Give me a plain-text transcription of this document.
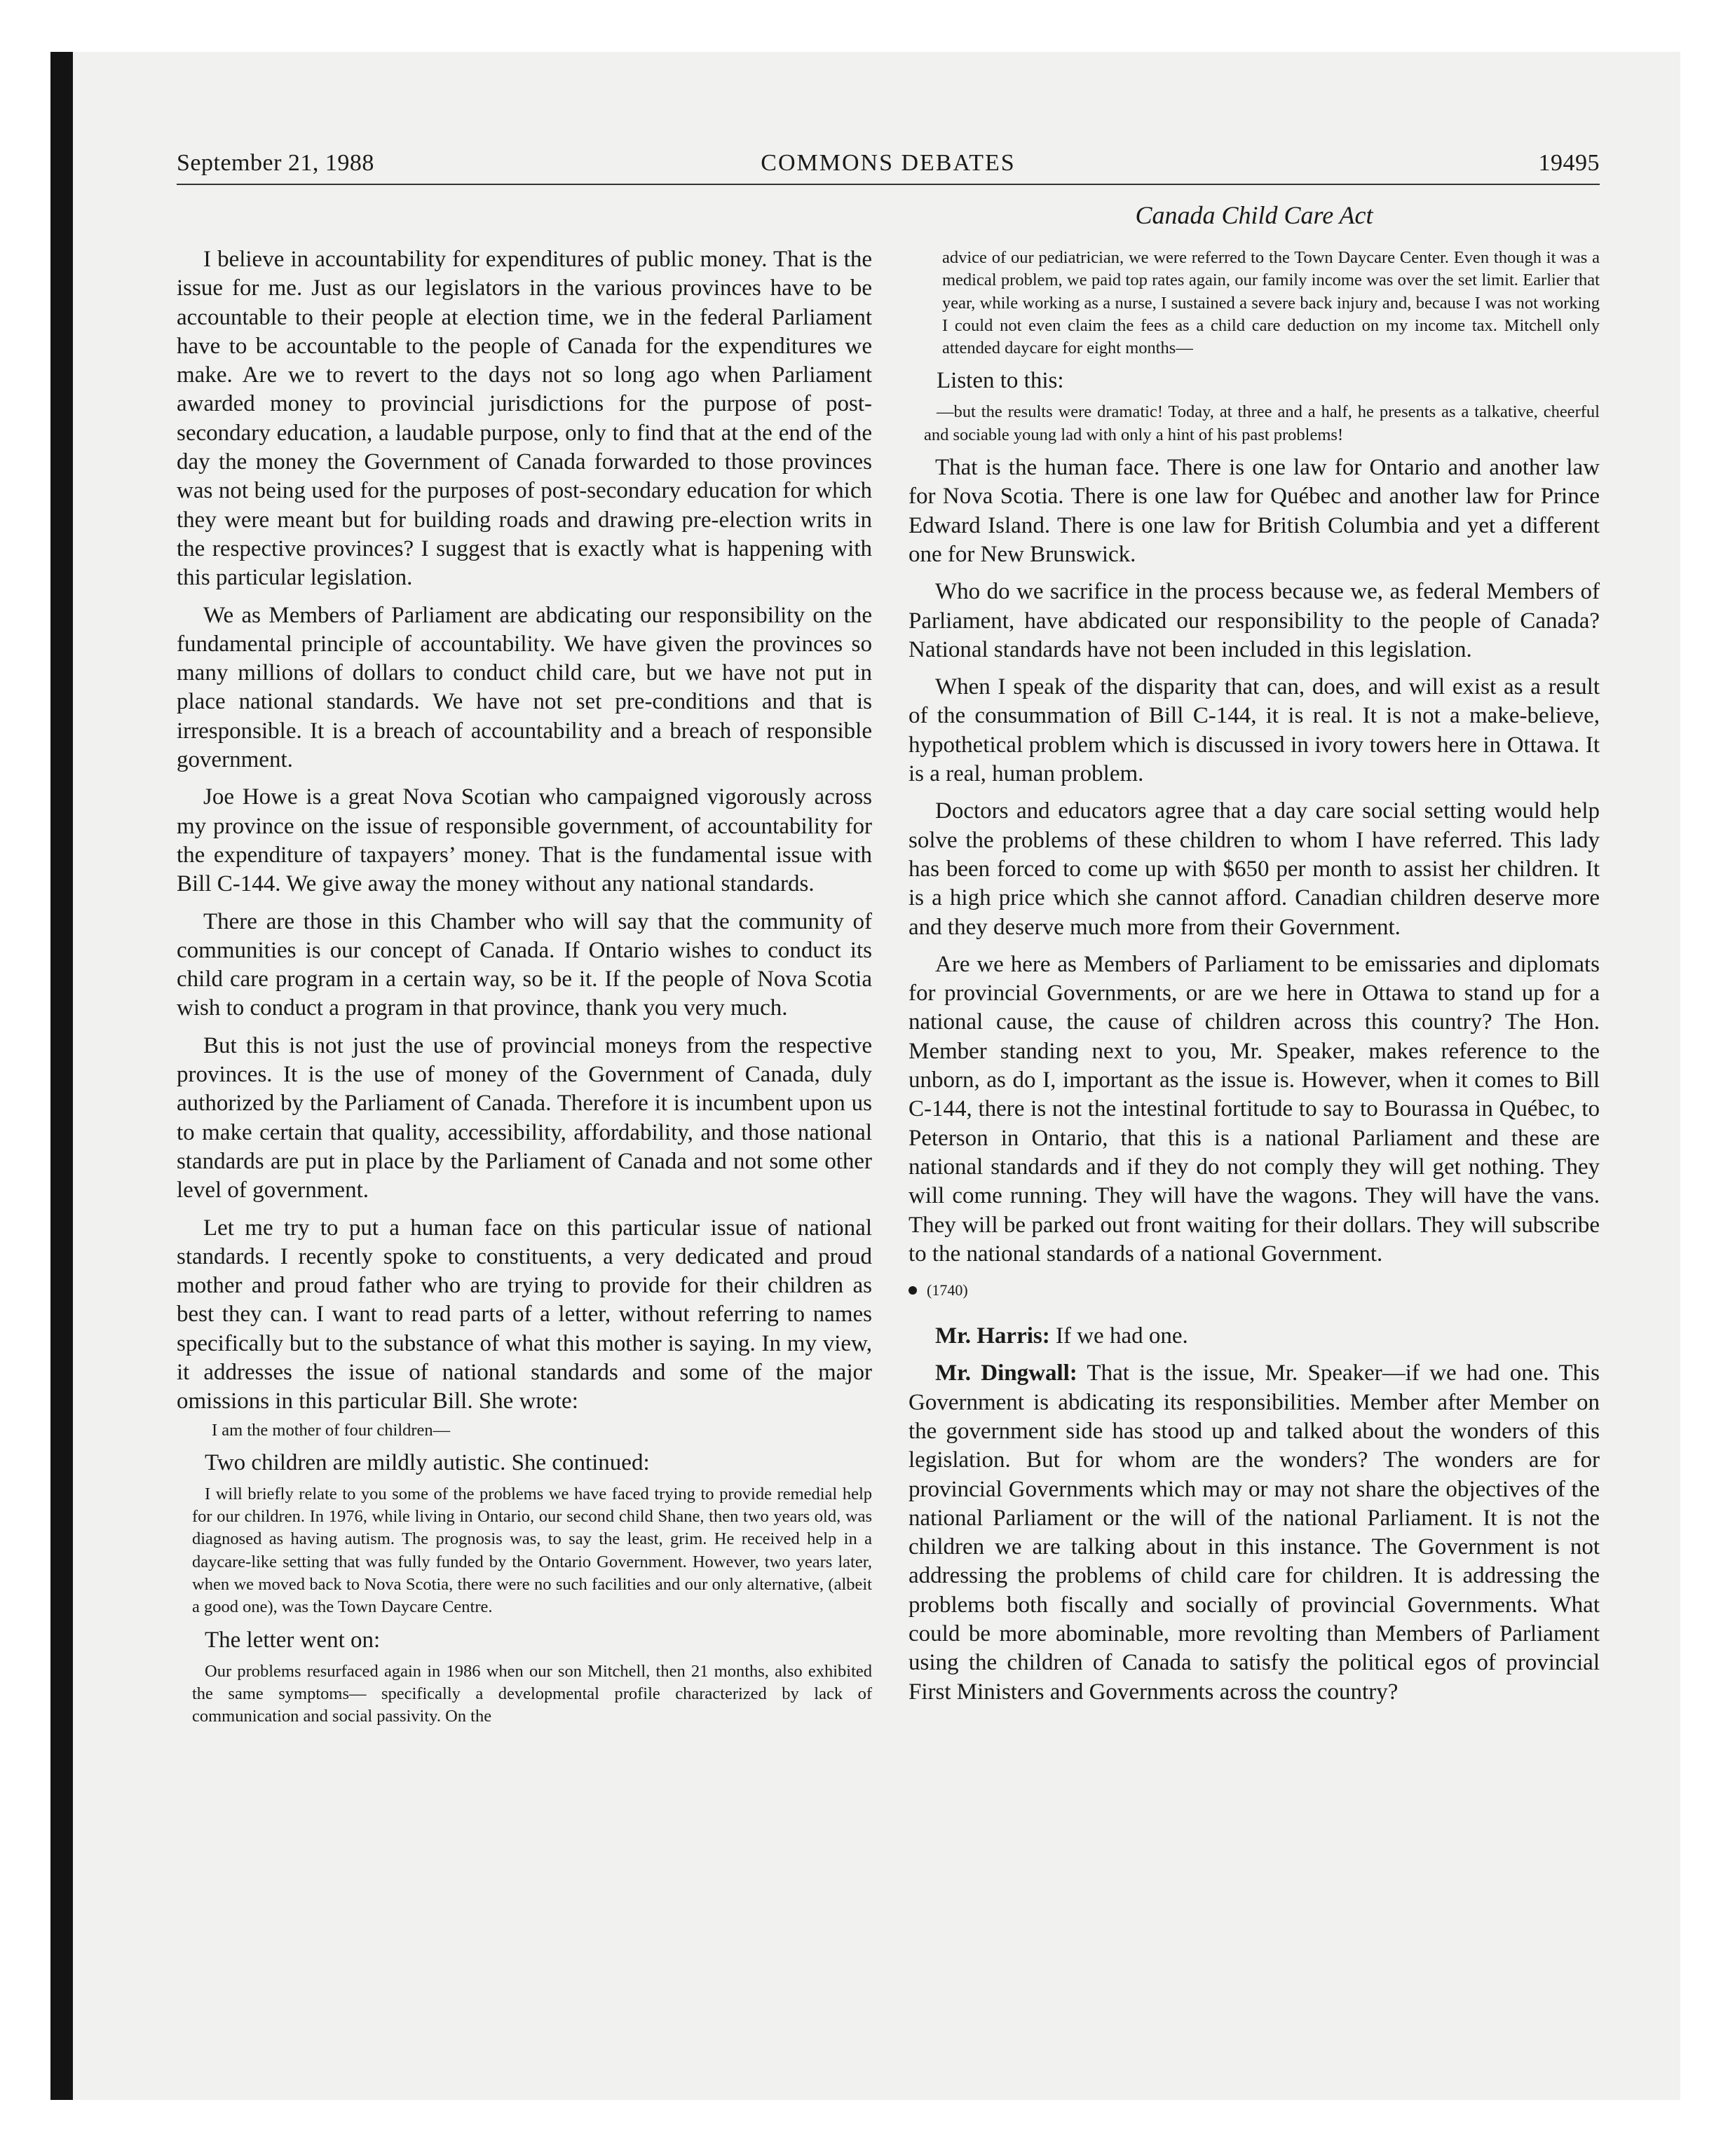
September 21, 1988	COMMONS DEBATES	19495
Canada Child Care Act

I believe in accountability for expenditures of public money. That is the issue for me. Just as our legislators in the various provinces have to be accountable to their people at election time, we in the federal Parliament have to be accountable to the people of Canada for the expenditures we make. Are we to revert to the days not so long ago when Parliament awarded money to provincial jurisdictions for the purpose of post-secondary education, a laudable purpose, only to find that at the end of the day the money the Government of Canada forwarded to those provinces was not being used for the purposes of post-secondary education for which they were meant but for building roads and drawing pre-election writs in the respective provinces? I suggest that is exactly what is happening with this particular legislation.

We as Members of Parliament are abdicating our responsibility on the fundamental principle of accountability. We have given the provinces so many millions of dollars to conduct child care, but we have not put in place national standards. We have not set pre-conditions and that is irresponsible. It is a breach of accountability and a breach of responsible government.

Joe Howe is a great Nova Scotian who campaigned vigorously across my province on the issue of responsible government, of accountability for the expenditure of taxpayers’ money. That is the fundamental issue with Bill C-144. We give away the money without any national standards.

There are those in this Chamber who will say that the community of communities is our concept of Canada. If Ontario wishes to conduct its child care program in a certain way, so be it. If the people of Nova Scotia wish to conduct a program in that province, thank you very much.

But this is not just the use of provincial moneys from the respective provinces. It is the use of money of the Government of Canada, duly authorized by the Parliament of Canada. Therefore it is incumbent upon us to make certain that quality, accessibility, affordability, and those national standards are put in place by the Parliament of Canada and not some other level of government.

Let me try to put a human face on this particular issue of national standards. I recently spoke to constituents, a very dedicated and proud mother and proud father who are trying to provide for their children as best they can. I want to read parts of a letter, without referring to names specifically but to the substance of what this mother is saying. In my view, it addresses the issue of national standards and some of the major omissions in this particular Bill. She wrote:

I am the mother of four children—

Two children are mildly autistic. She continued:

I will briefly relate to you some of the problems we have faced trying to provide remedial help for our children. In 1976, while living in Ontario, our second child Shane, then two years old, was diagnosed as having autism. The prognosis was, to say the least, grim. He received help in a daycare-like setting that was fully funded by the Ontario Government. However, two years later, when we moved back to Nova Scotia, there were no such facilities and our only alternative, (albeit a good one), was the Town Daycare Centre.

The letter went on:

Our problems resurfaced again in 1986 when our son Mitchell, then 21 months, also exhibited the same symptoms— specifically a developmental profile characterized by lack of communication and social passivity. On the

advice of our pediatrician, we were referred to the Town Daycare Center. Even though it was a medical problem, we paid top rates again, our family income was over the set limit. Earlier that year, while working as a nurse, I sustained a severe back injury and, because I was not working I could not even claim the fees as a child care deduction on my income tax. Mitchell only attended daycare for eight months—

Listen to this:

—but the results were dramatic! Today, at three and a half, he presents as a talkative, cheerful and sociable young lad with only a hint of his past problems!

That is the human face. There is one law for Ontario and another law for Nova Scotia. There is one law for Québec and another law for Prince Edward Island. There is one law for British Columbia and yet a different one for New Brunswick.

Who do we sacrifice in the process because we, as federal Members of Parliament, have abdicated our responsibility to the people of Canada? National standards have not been included in this legislation.

When I speak of the disparity that can, does, and will exist as a result of the consummation of Bill C-144, it is real. It is not a make-believe, hypothetical problem which is discussed in ivory towers here in Ottawa. It is a real, human problem.

Doctors and educators agree that a day care social setting would help solve the problems of these children to whom I have referred. This lady has been forced to come up with $650 per month to assist her children. It is a high price which she cannot afford. Canadian children deserve more and they deserve much more from their Government.

Are we here as Members of Parliament to be emissaries and diplomats for provincial Governments, or are we here in Ottawa to stand up for a national cause, the cause of children across this country? The Hon. Member standing next to you, Mr. Speaker, makes reference to the unborn, as do I, important as the issue is. However, when it comes to Bill C-144, there is not the intestinal fortitude to say to Bourassa in Québec, to Peterson in Ontario, that this is a national Parliament and these are national standards and if they do not comply they will get nothing. They will come running. They will have the wagons. They will have the vans. They will be parked out front waiting for their dollars. They will subscribe to the national standards of a national Government.

(1740)

Mr. Harris: If we had one.

Mr. Dingwall: That is the issue, Mr. Speaker—if we had one. This Government is abdicating its responsibilities. Member after Member on the government side has stood up and talked about the wonders of this legislation. But for whom are the wonders? The wonders are for provincial Governments which may or may not share the objectives of the national Parliament or the will of the national Parliament. It is not the children we are talking about in this instance. The Government is not addressing the problems of child care for children. It is addressing the problems both fiscally and socially of provincial Governments. What could be more abominable, more revolting than Members of Parliament using the children of Canada to satisfy the political egos of provincial First Ministers and Governments across the country?
